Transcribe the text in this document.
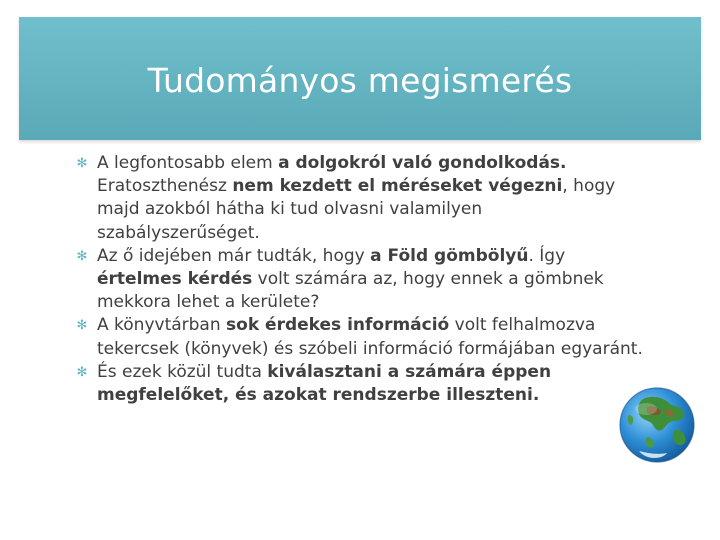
Tudományos megismerés
✻ A legfontosabb elem a dolgokról való gondolkodás. Eratoszthenész nem kezdett el méréseket végezni, hogy majd azokból hátha ki tud olvasni valamilyen szabályszerűséget.
✻ Az ő idejében már tudták, hogy a Föld gömbölyű. Így értelmes kérdés volt számára az, hogy ennek a gömbnek mekkora lehet a kerülete?
✻ A könyvtárban sok érdekes információ volt felhalmozva tekercsek (könyvek) és szóbeli információ formájában egyaránt.
✻ És ezek közül tudta kiválasztani a számára éppen megfelelőket, és azokat rendszerbe illeszteni.
